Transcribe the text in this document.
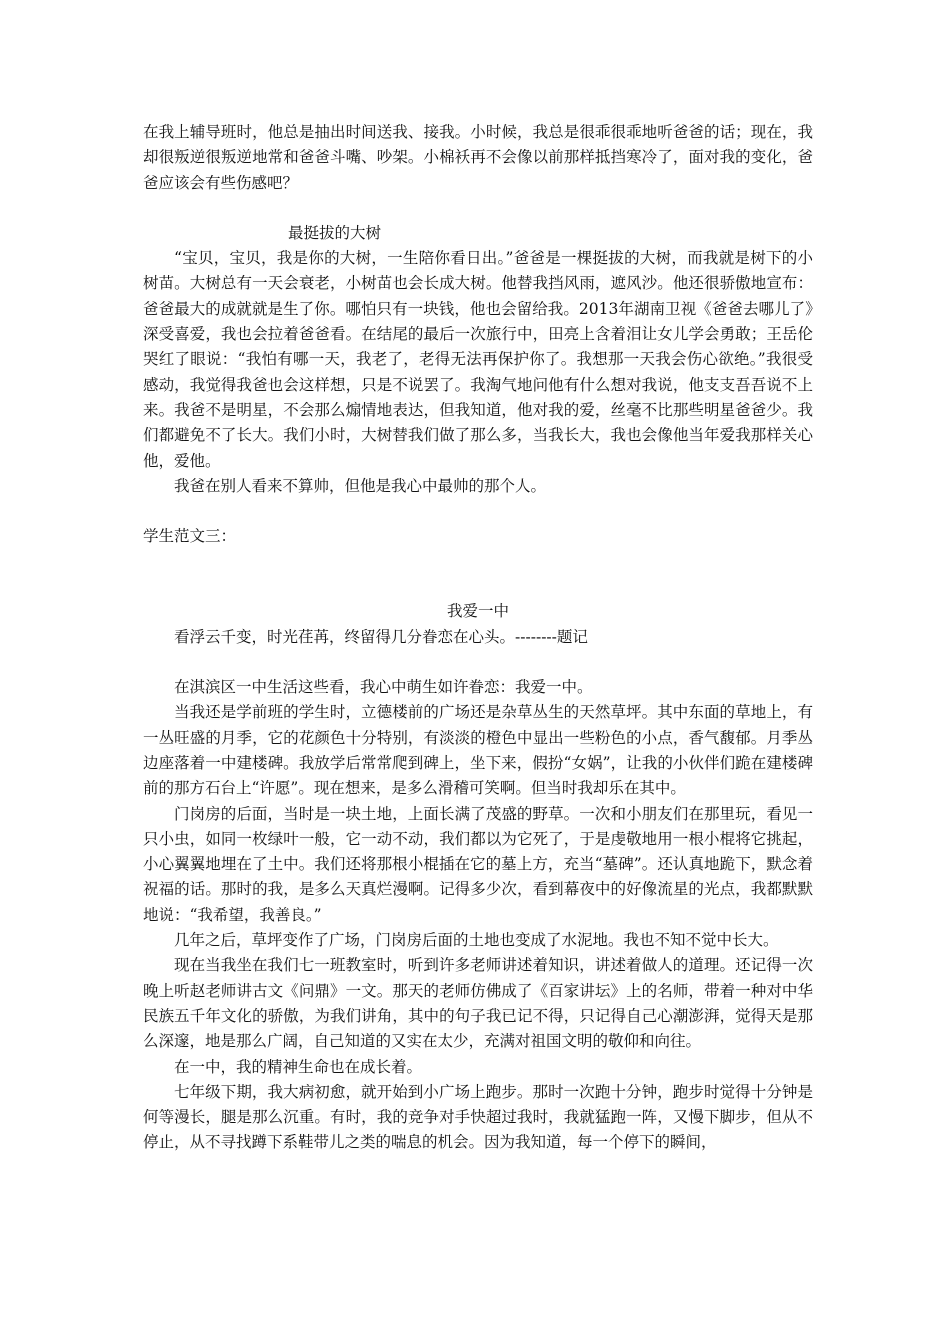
在我上辅导班时，他总是抽出时间送我、接我。小时候，我总是很乖很乖地听爸爸的话；现在，我却很叛逆很叛逆地常和爸爸斗嘴、吵架。小棉袄再不会像以前那样抵挡寒冷了，面对我的变化，爸爸应该会有些伤感吧？

最挺拔的大树

“宝贝，宝贝，我是你的大树，一生陪你看日出。”爸爸是一棵挺拔的大树，而我就是树下的小树苗。大树总有一天会衰老，小树苗也会长成大树。他替我挡风雨，遮风沙。他还很骄傲地宣布：爸爸最大的成就就是生了你。哪怕只有一块钱，他也会留给我。2013年湖南卫视《爸爸去哪儿了》深受喜爱，我也会拉着爸爸看。在结尾的最后一次旅行中，田亮上含着泪让女儿学会勇敢；王岳伦哭红了眼说：“我怕有哪一天，我老了，老得无法再保护你了。我想那一天我会伤心欲绝。”我很受感动，我觉得我爸也会这样想，只是不说罢了。我淘气地问他有什么想对我说，他支支吾吾说不上来。我爸不是明星，不会那么煽情地表达，但我知道，他对我的爱，丝毫不比那些明星爸爸少。我们都避免不了长大。我们小时，大树替我们做了那么多，当我长大，我也会像他当年爱我那样关心他，爱他。

我爸在别人看来不算帅，但他是我心中最帅的那个人。

学生范文三：

我爱一中

看浮云千变，时光荏苒，终留得几分眷恋在心头。--------题记

在淇滨区一中生活这些看，我心中萌生如许眷恋：我爱一中。

当我还是学前班的学生时，立德楼前的广场还是杂草丛生的天然草坪。其中东面的草地上，有一丛旺盛的月季，它的花颜色十分特别，有淡淡的橙色中显出一些粉色的小点，香气馥郁。月季丛边座落着一中建楼碑。我放学后常常爬到碑上，坐下来，假扮“女娲”，让我的小伙伴们跪在建楼碑前的那方石台上“许愿”。现在想来，是多么滑稽可笑啊。但当时我却乐在其中。

门岗房的后面，当时是一块土地，上面长满了茂盛的野草。一次和小朋友们在那里玩，看见一只小虫，如同一枚绿叶一般，它一动不动，我们都以为它死了，于是虔敬地用一根小棍将它挑起，小心翼翼地埋在了土中。我们还将那根小棍插在它的墓上方，充当“墓碑”。还认真地跪下，默念着祝福的话。那时的我，是多么天真烂漫啊。记得多少次，看到幕夜中的好像流星的光点，我都默默地说：“我希望，我善良。”

几年之后，草坪变作了广场，门岗房后面的土地也变成了水泥地。我也不知不觉中长大。

现在当我坐在我们七一班教室时，听到许多老师讲述着知识，讲述着做人的道理。还记得一次晚上听赵老师讲古文《问鼎》一文。那天的老师仿佛成了《百家讲坛》上的名师，带着一种对中华民族五千年文化的骄傲，为我们讲角，其中的句子我已记不得，只记得自己心潮澎湃，觉得天是那么深邃，地是那么广阔，自己知道的又实在太少，充满对祖国文明的敬仰和向往。

在一中，我的精神生命也在成长着。

七年级下期，我大病初愈，就开始到小广场上跑步。那时一次跑十分钟，跑步时觉得十分钟是何等漫长，腿是那么沉重。有时，我的竞争对手快超过我时，我就猛跑一阵，又慢下脚步，但从不停止，从不寻找蹲下系鞋带儿之类的喘息的机会。因为我知道，每一个停下的瞬间，
